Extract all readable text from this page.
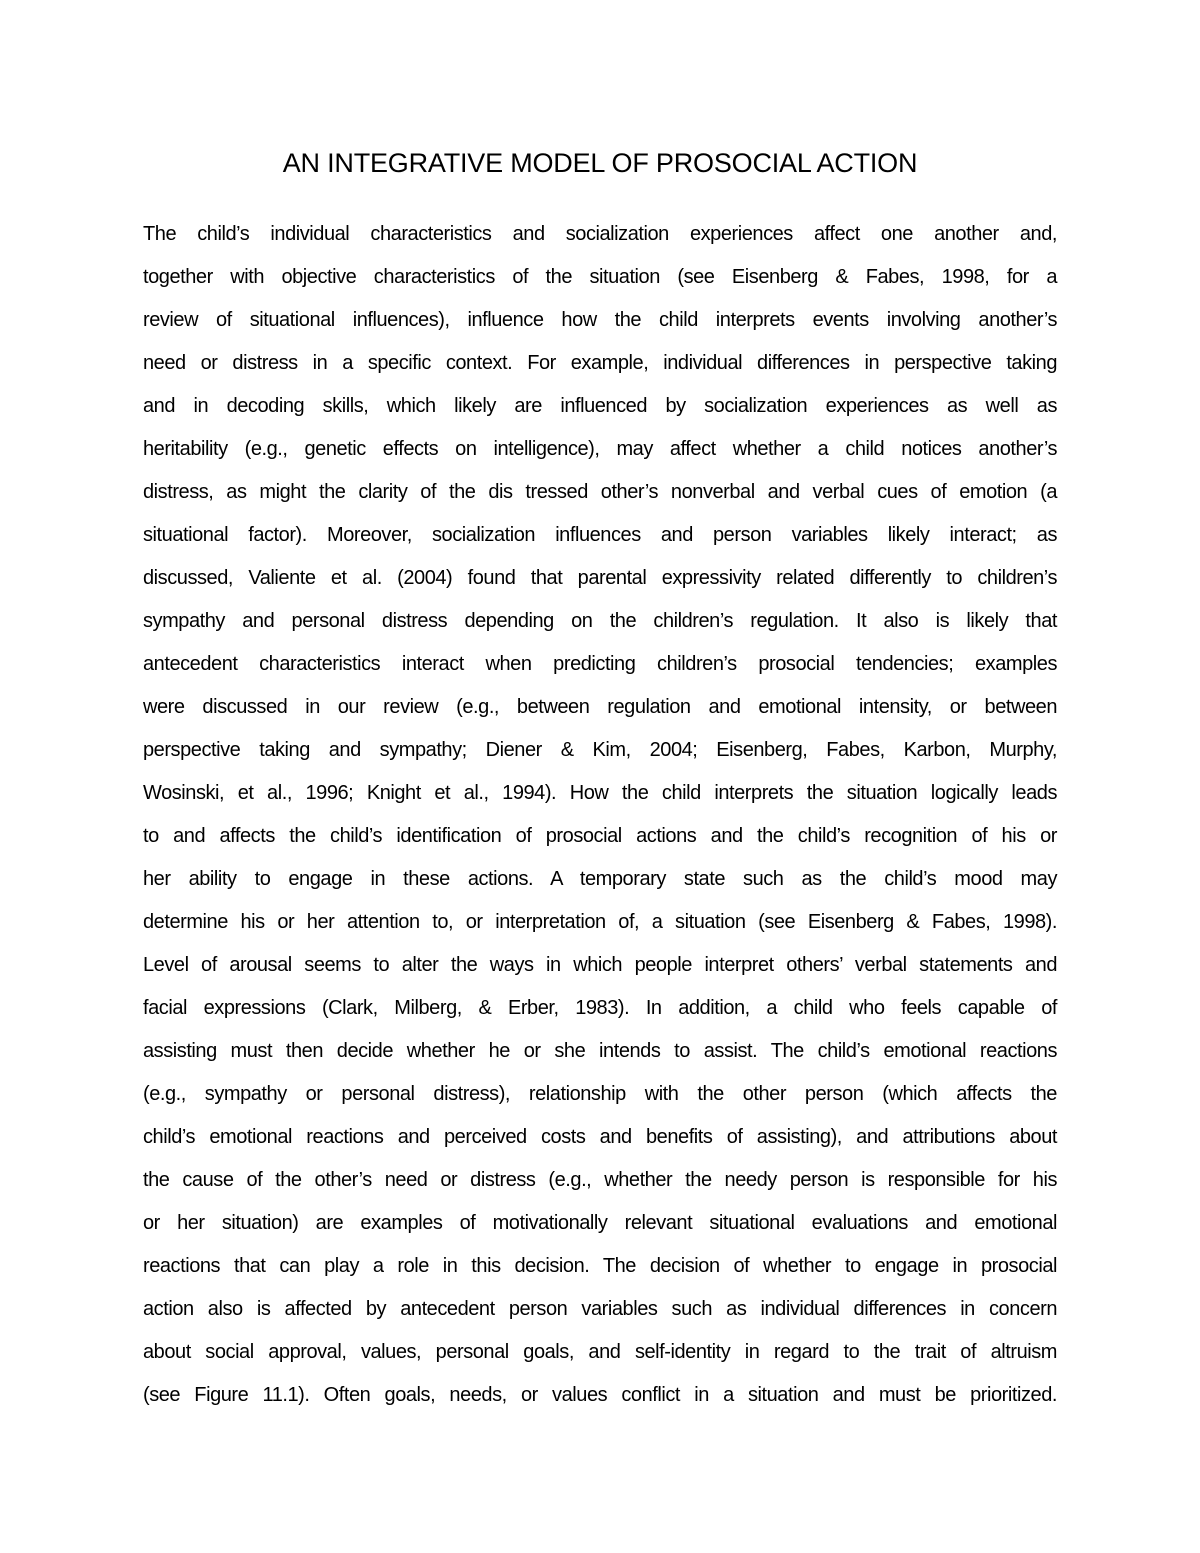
AN INTEGRATIVE MODEL OF PROSOCIAL ACTION
The child’s individual characteristics and socialization experiences affect one another and,
together with objective characteristics of the situation (see Eisenberg & Fabes, 1998, for a
review of situational influences), influence how the child interprets events involving another’s
need or distress in a specific context. For example, individual differences in perspective taking
and in decoding skills, which likely are influenced by socialization experiences as well as
heritability (e.g., genetic effects on intelligence), may affect whether a child notices another’s
distress, as might the clarity of the dis tressed other’s nonverbal and verbal cues of emotion (a
situational factor). Moreover, socialization influences and person variables likely interact; as
discussed, Valiente et al. (2004) found that parental expressivity related differently to children’s
sympathy and personal distress depending on the children’s regulation. It also is likely that
antecedent characteristics interact when predicting children’s prosocial tendencies; examples
were discussed in our review (e.g., between regulation and emotional intensity, or between
perspective taking and sympathy; Diener & Kim, 2004; Eisenberg, Fabes, Karbon, Murphy,
Wosinski, et al., 1996; Knight et al., 1994). How the child interprets the situation logically leads
to and affects the child’s identification of prosocial actions and the child’s recognition of his or
her ability to engage in these actions. A temporary state such as the child’s mood may
determine his or her attention to, or interpretation of, a situation (see Eisenberg & Fabes, 1998).
Level of arousal seems to alter the ways in which people interpret others’ verbal statements and
facial expressions (Clark, Milberg, & Erber, 1983). In addition, a child who feels capable of
assisting must then decide whether he or she intends to assist. The child’s emotional reactions
(e.g., sympathy or personal distress), relationship with the other person (which affects the
child’s emotional reactions and perceived costs and benefits of assisting), and attributions about
the cause of the other’s need or distress (e.g., whether the needy person is responsible for his
or her situation) are examples of motivationally relevant situational evaluations and emotional
reactions that can play a role in this decision. The decision of whether to engage in prosocial
action also is affected by antecedent person variables such as individual differences in concern
about social approval, values, personal goals, and self-identity in regard to the trait of altruism
(see Figure 11.1). Often goals, needs, or values conflict in a situation and must be prioritized.
